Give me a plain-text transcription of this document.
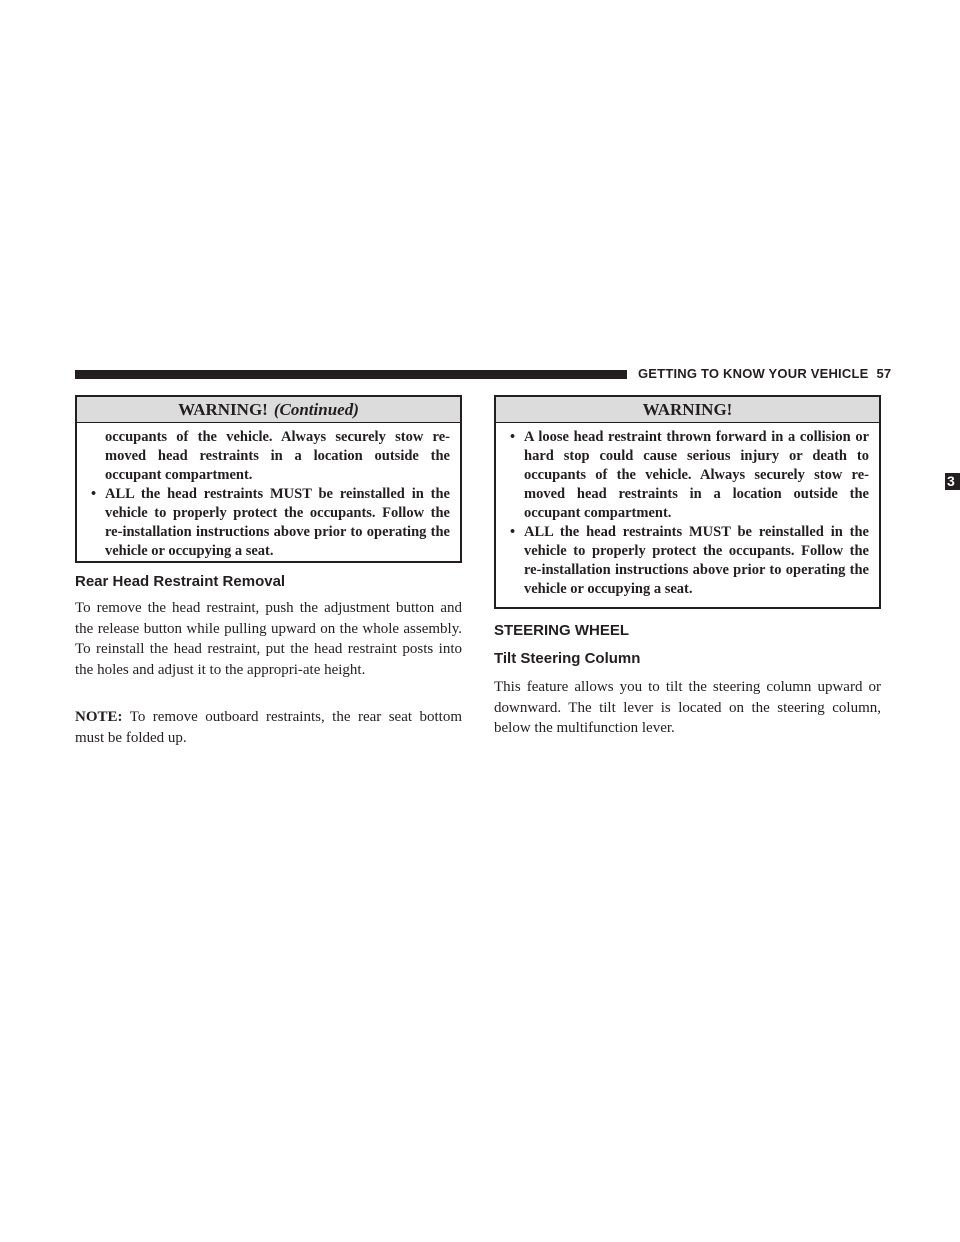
GETTING TO KNOW YOUR VEHICLE 57
3
WARNING! (Continued)

occupants of the vehicle. Always securely stow re-moved head restraints in a location outside the occupant compartment.

• ALL the head restraints MUST be reinstalled in the vehicle to properly protect the occupants. Follow the re-installation instructions above prior to operating the vehicle or occupying a seat.

Rear Head Restraint Removal

To remove the head restraint, push the adjustment button and the release button while pulling upward on the whole assembly. To reinstall the head restraint, put the head restraint posts into the holes and adjust it to the appropri-ate height.

NOTE: To remove outboard restraints, the rear seat bottom must be folded up.

WARNING!

• A loose head restraint thrown forward in a collision or hard stop could cause serious injury or death to occupants of the vehicle. Always securely stow re-moved head restraints in a location outside the occupant compartment.

• ALL the head restraints MUST be reinstalled in the vehicle to properly protect the occupants. Follow the re-installation instructions above prior to operating the vehicle or occupying a seat.

STEERING WHEEL
Tilt Steering Column

This feature allows you to tilt the steering column upward or downward. The tilt lever is located on the steering column, below the multifunction lever.
